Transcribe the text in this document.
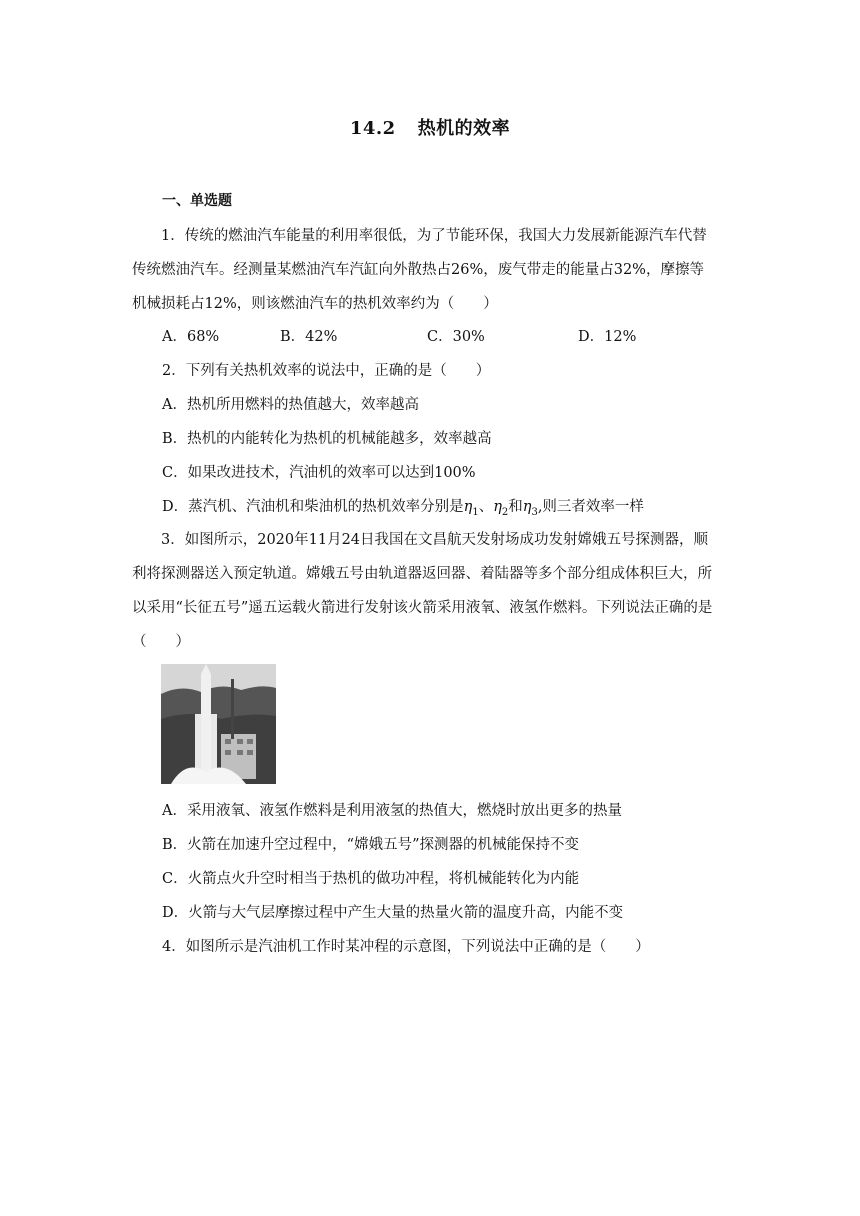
14.2 热机的效率
一、单选题
1．传统的燃油汽车能量的利用率很低，为了节能环保，我国大力发展新能源汽车代替
传统燃油汽车。经测量某燃油汽车汽缸向外散热占26%，废气带走的能量占32%，摩擦等
机械损耗占12%，则该燃油汽车的热机效率约为（　　）
A．68%	B．42%	C．30%	D．12%
2．下列有关热机效率的说法中，正确的是（　　）
A．热机所用燃料的热值越大，效率越高
B．热机的内能转化为热机的机械能越多，效率越高
C．如果改进技术，汽油机的效率可以达到100%
D．蒸汽机、汽油机和柴油机的热机效率分别是$\eta_1$、$\eta_2$和$\eta_3$,则三者效率一样
3．如图所示，2020年11月24日我国在文昌航天发射场成功发射嫦娥五号探测器，顺
利将探测器送入预定轨道。嫦娥五号由轨道器返回器、着陆器等多个部分组成体积巨大，所
以采用“长征五号”遥五运载火箭进行发射该火箭采用液氧、液氢作燃料。下列说法正确的是
（　　）
A．采用液氧、液氢作燃料是利用液氢的热值大，燃烧时放出更多的热量
B．火箭在加速升空过程中，“嫦娥五号”探测器的机械能保持不变
C．火箭点火升空时相当于热机的做功冲程，将机械能转化为内能
D．火箭与大气层摩擦过程中产生大量的热量火箭的温度升高，内能不变
4．如图所示是汽油机工作时某冲程的示意图，下列说法中正确的是（　　）
